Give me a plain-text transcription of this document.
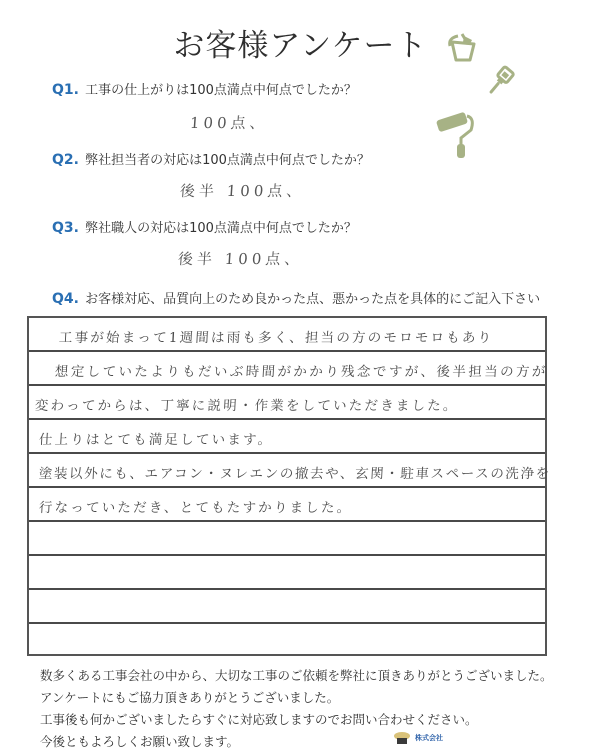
お客様アンケート
Q1. 工事の仕上がりは100点満点中何点でしたか？
100点、
Q2. 弊社担当者の対応は100点満点中何点でしたか？
後半 100点、
Q3. 弊社職人の対応は100点満点中何点でしたか？
後半 100点、
Q4. お客様対応、品質向上のため良かった点、悪かった点を具体的にご記入下さい
工事が始まって1週間は雨も多く、担当の方のモロモロもあり
想定していたよりもだいぶ時間がかかり残念ですが、後半担当の方が
変わってからは、丁寧に説明・作業をしていただきました。
仕上りはとても満足しています。
塗装以外にも、エアコン・ヌレエンの撤去や、玄関・駐車スペースの洗浄を
行なっていただき、とてもたすかりました。
数多くある工事会社の中から、大切な工事のご依頼を弊社に頂きありがとうございました。
アンケートにもご協力頂きありがとうございました。
工事後も何かございましたらすぐに対応致しますのでお問い合わせください。
今後ともよろしくお願い致します。	株式会社
